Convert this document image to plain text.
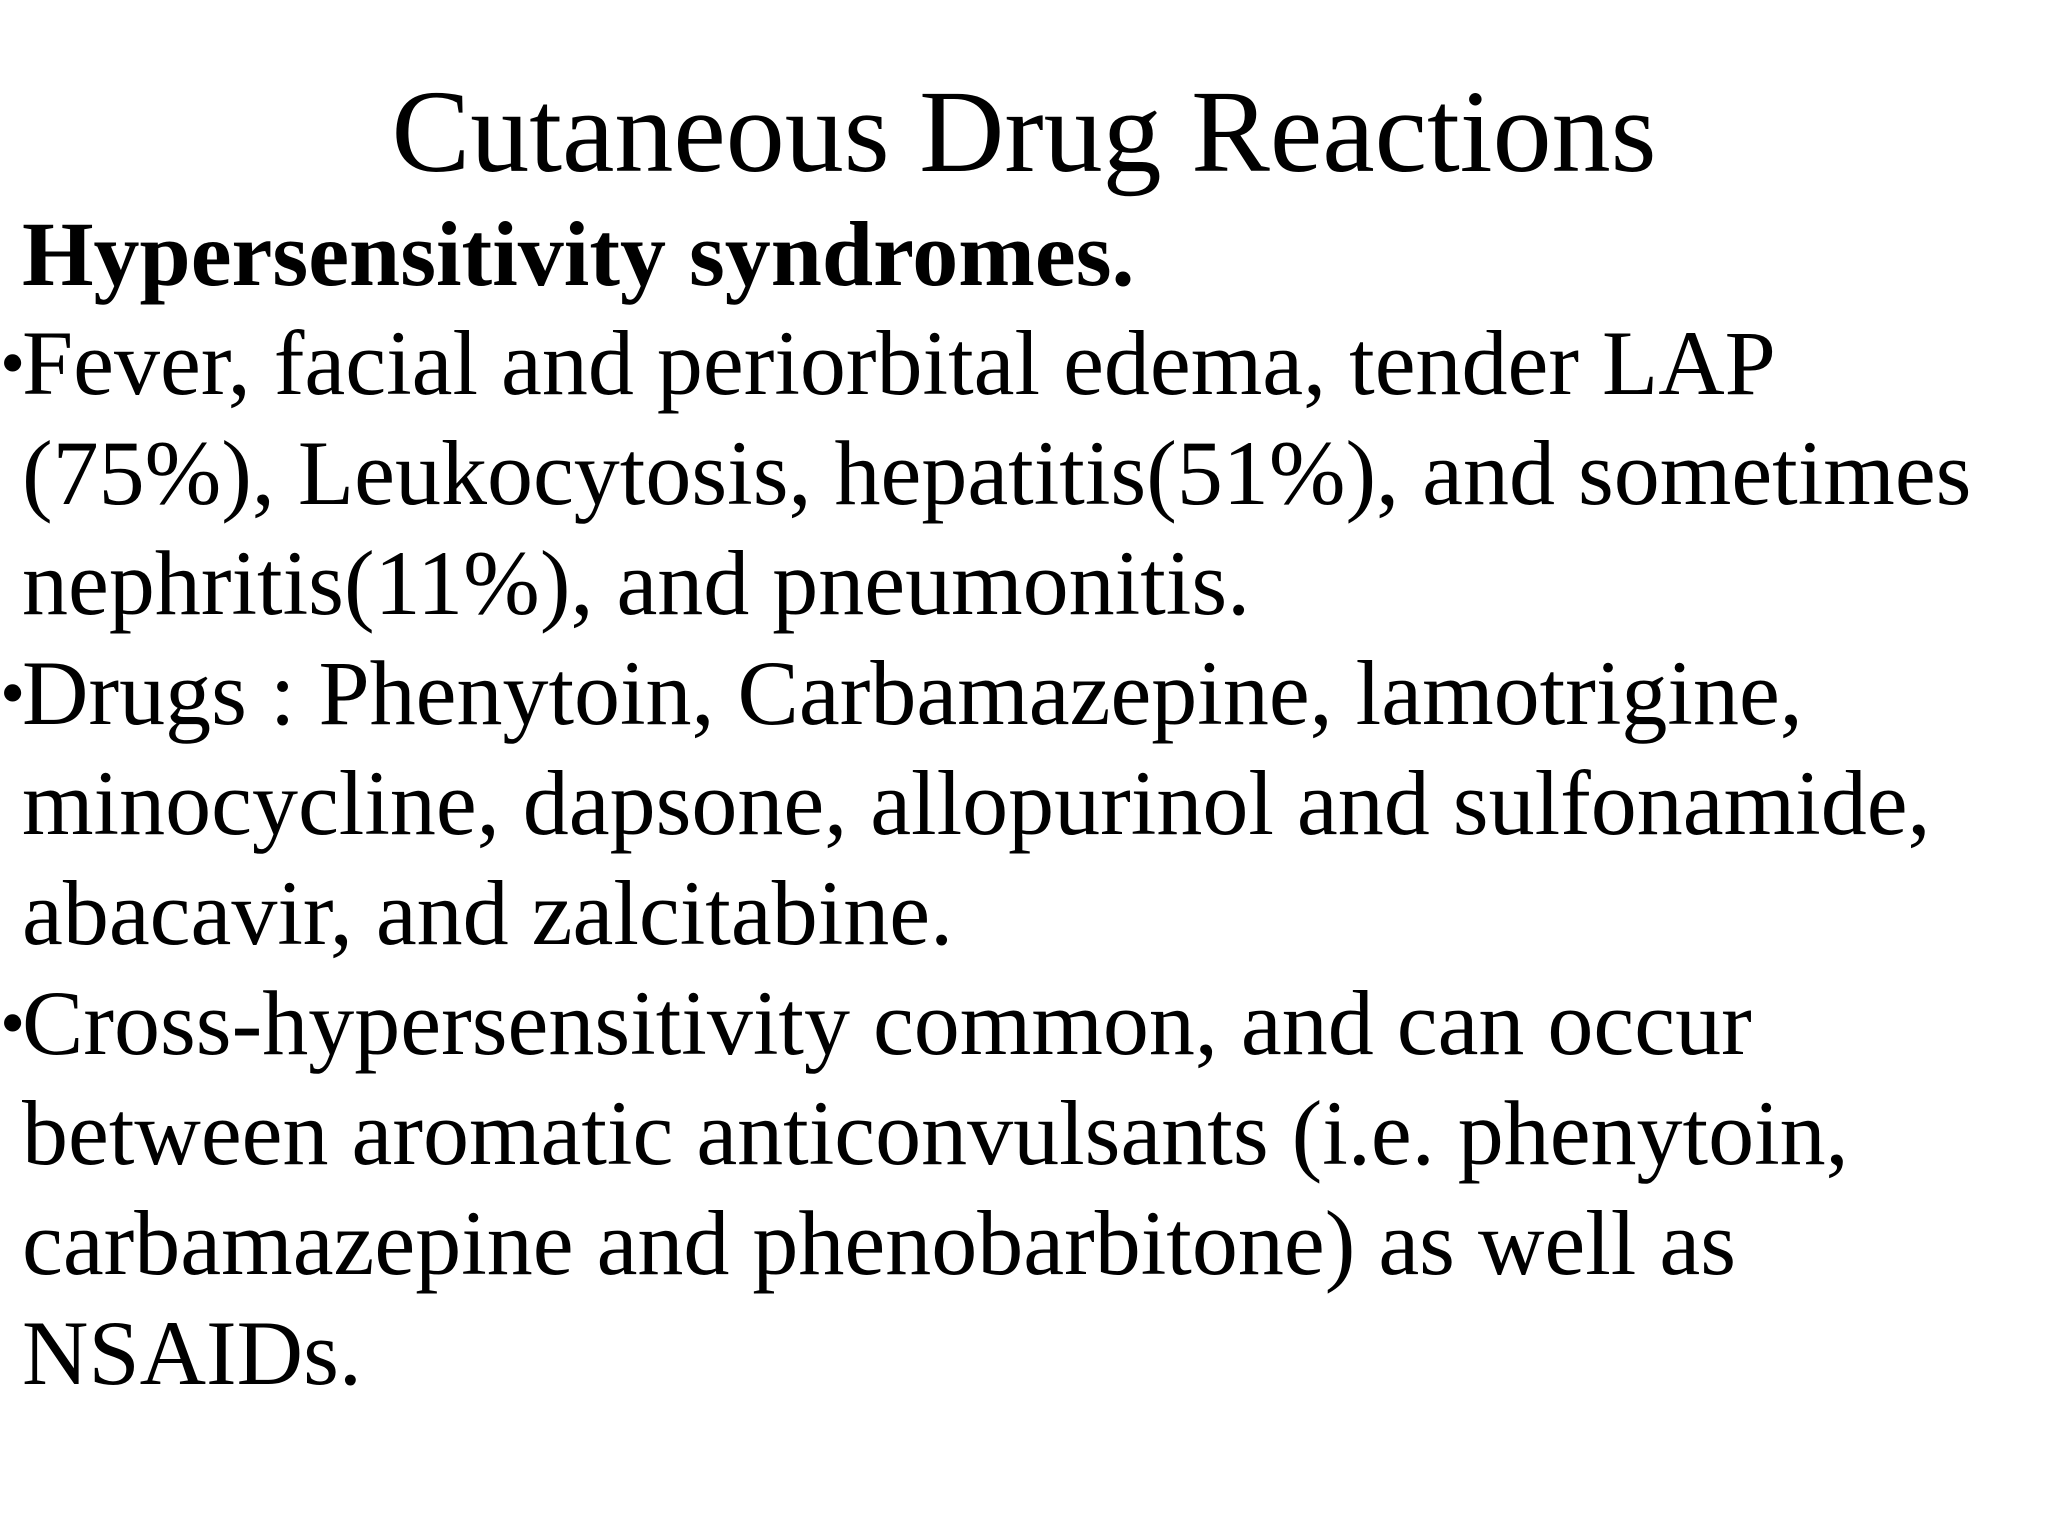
Cutaneous Drug Reactions
Hypersensitivity syndromes.
•
Fever, facial and periorbital edema, tender LAP
(75%), Leukocytosis, hepatitis(51%), and sometimes
nephritis(11%), and pneumonitis.
•
Drugs : Phenytoin, Carbamazepine, lamotrigine,
minocycline, dapsone, allopurinol and sulfonamide,
abacavir, and zalcitabine.
•
Cross-hypersensitivity common, and can occur
between aromatic anticonvulsants (i.e. phenytoin,
carbamazepine and phenobarbitone) as well as
NSAIDs.
